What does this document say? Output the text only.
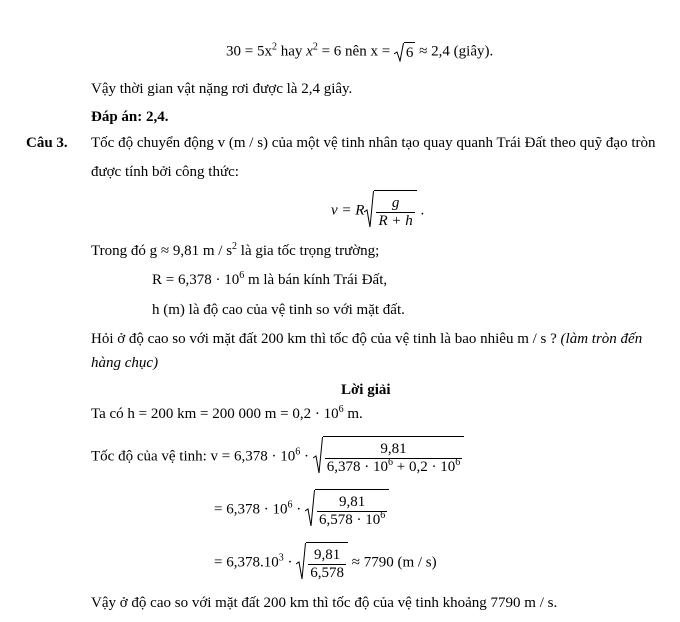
$30 = 5x^2$ hay $x^2 = 6$ nên x =
6 ≈ 2,4 (giây).
Vậy thời gian vật nặng rơi được là 2,4 giây.
Đáp án: 2,4.
Câu 3. Tốc độ chuyển động v (m / s) của một vệ tinh nhân tạo quay quanh Trái Đất theo quỹ đạo tròn
được tính bởi công thức:
v = R $\frac{g}{R + h}$ .
Trong đó g ≈ 9,81 m / $s^2$ là gia tốc trọng trường;
$R = 6,378 \cdot 10^6$ m là bán kính Trái Đất,
h (m) là độ cao của vệ tinh so với mặt đất.
Hỏi ở độ cao so với mặt đất 200 km thì tốc độ của vệ tinh là bao nhiêu m / s ? (làm tròn đến
hàng chục)
Lời giải
Ta có h = 200 km = 200 000 $m = 0,2 \cdot 10^6$ m.
Tốc độ của vệ tinh: $v = 6,378 \cdot 10^6 \cdot \frac{9,81}{6,378 \cdot 10^6 + 0,2 \cdot 10^6}$
= $6,378 \cdot 10^6 \cdot \frac{9,81}{6,578 \cdot 10^6}$
= $6,378.10^3 \cdot \frac{9,81}{6,578} \approx 7790$ (m / s)
Vậy ở độ cao so với mặt đất 200 km thì tốc độ của vệ tinh khoảng 7790 m / s.
